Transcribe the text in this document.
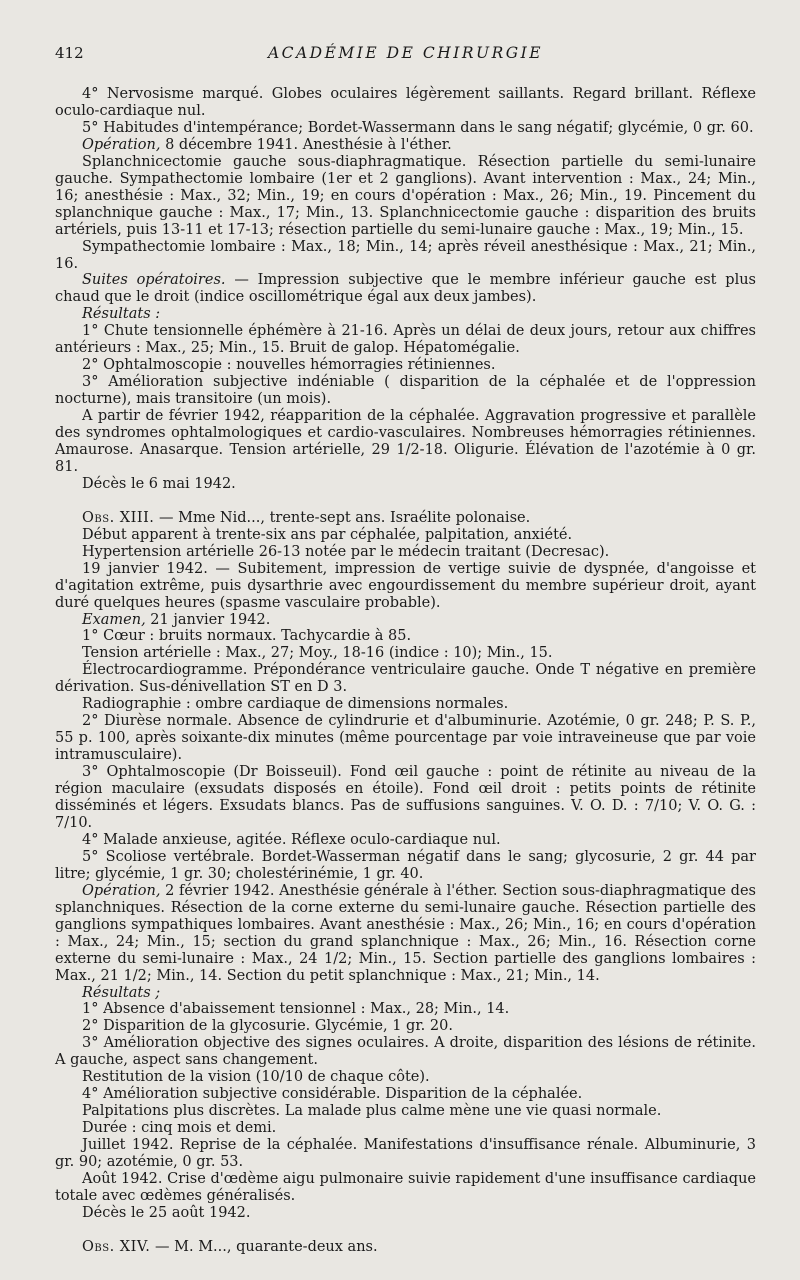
412	ACADÉMIE DE CHIRURGIE

4° Nervosisme marqué. Globes oculaires légèrement saillants. Regard brillant. Réflexe oculo-cardiaque nul.

5° Habitudes d'intempérance; Bordet-Wassermann dans le sang négatif; glycémie, 0 gr. 60.

Opération, 8 décembre 1941. Anesthésie à l'éther.

Splanchnicectomie gauche sous-diaphragmatique. Résection partielle du semi-lunaire gauche. Sympathectomie lombaire (1er et 2 ganglions). Avant intervention : Max., 24; Min., 16; anesthésie : Max., 32; Min., 19; en cours d'opération : Max., 26; Min., 19. Pincement du splanchnique gauche : Max., 17; Min., 13. Splanchnicectomie gauche : disparition des bruits artériels, puis 13-11 et 17-13; résection partielle du semi-lunaire gauche : Max., 19; Min., 15.

Sympathectomie lombaire : Max., 18; Min., 14; après réveil anesthésique : Max., 21; Min., 16.

Suites opératoires. — Impression subjective que le membre inférieur gauche est plus chaud que le droit (indice oscillométrique égal aux deux jambes).

Résultats :

1° Chute tensionnelle éphémère à 21-16. Après un délai de deux jours, retour aux chiffres antérieurs : Max., 25; Min., 15. Bruit de galop. Hépatomégalie.

2° Ophtalmoscopie : nouvelles hémorragies rétiniennes.

3° Amélioration subjective indéniable ( disparition de la céphalée et de l'oppression nocturne), mais transitoire (un mois).

A partir de février 1942, réapparition de la céphalée. Aggravation progressive et parallèle des syndromes ophtalmologiques et cardio-vasculaires. Nombreuses hémorragies rétiniennes. Amaurose. Anasarque. Tension artérielle, 29 1/2-18. Oligurie. Élévation de l'azotémie à 0 gr. 81.

Décès le 6 mai 1942.

Obs. XIII. — Mme Nid..., trente-sept ans. Israélite polonaise.

Début apparent à trente-six ans par céphalée, palpitation, anxiété.

Hypertension artérielle 26-13 notée par le médecin traitant (Decresac).

19 janvier 1942. — Subitement, impression de vertige suivie de dyspnée, d'angoisse et d'agitation extrême, puis dysarthrie avec engourdissement du membre supérieur droit, ayant duré quelques heures (spasme vasculaire probable).

Examen, 21 janvier 1942.

1° Cœur : bruits normaux. Tachycardie à 85.

Tension artérielle : Max., 27; Moy., 18-16 (indice : 10); Min., 15.

Électrocardiogramme. Prépondérance ventriculaire gauche. Onde T négative en première dérivation. Sus-dénivellation ST en D 3.

Radiographie : ombre cardiaque de dimensions normales.

2° Diurèse normale. Absence de cylindrurie et d'albuminurie. Azotémie, 0 gr. 248; P. S. P., 55 p. 100, après soixante-dix minutes (même pourcentage par voie intraveineuse que par voie intramusculaire).

3° Ophtalmoscopie (Dr Boisseuil). Fond œil gauche : point de rétinite au niveau de la région maculaire (exsudats disposés en étoile). Fond œil droit : petits points de rétinite disséminés et légers. Exsudats blancs. Pas de suffusions sanguines. V. O. D. : 7/10; V. O. G. : 7/10.

4° Malade anxieuse, agitée. Réflexe oculo-cardiaque nul.

5° Scoliose vertébrale. Bordet-Wasserman négatif dans le sang; glycosurie, 2 gr. 44 par litre; glycémie, 1 gr. 30; cholestérinémie, 1 gr. 40.

Opération, 2 février 1942. Anesthésie générale à l'éther. Section sous-diaphragmatique des splanchniques. Résection de la corne externe du semi-lunaire gauche. Résection partielle des ganglions sympathiques lombaires. Avant anesthésie : Max., 26; Min., 16; en cours d'opération : Max., 24; Min., 15; section du grand splanchnique : Max., 26; Min., 16. Résection corne externe du semi-lunaire : Max., 24 1/2; Min., 15. Section partielle des ganglions lombaires : Max., 21 1/2; Min., 14. Section du petit splanchnique : Max., 21; Min., 14.

Résultats ;

1° Absence d'abaissement tensionnel : Max., 28; Min., 14.

2° Disparition de la glycosurie. Glycémie, 1 gr. 20.

3° Amélioration objective des signes oculaires. A droite, disparition des lésions de rétinite. A gauche, aspect sans changement.

Restitution de la vision (10/10 de chaque côte).

4° Amélioration subjective considérable. Disparition de la céphalée.

Palpitations plus discrètes. La malade plus calme mène une vie quasi normale.

Durée : cinq mois et demi.

Juillet 1942. Reprise de la céphalée. Manifestations d'insuffisance rénale. Albuminurie, 3 gr. 90; azotémie, 0 gr. 53.

Août 1942. Crise d'œdème aigu pulmonaire suivie rapidement d'une insuffisance cardiaque totale avec œdèmes généralisés.

Décès le 25 août 1942.

Obs. XIV. — M. M..., quarante-deux ans.
